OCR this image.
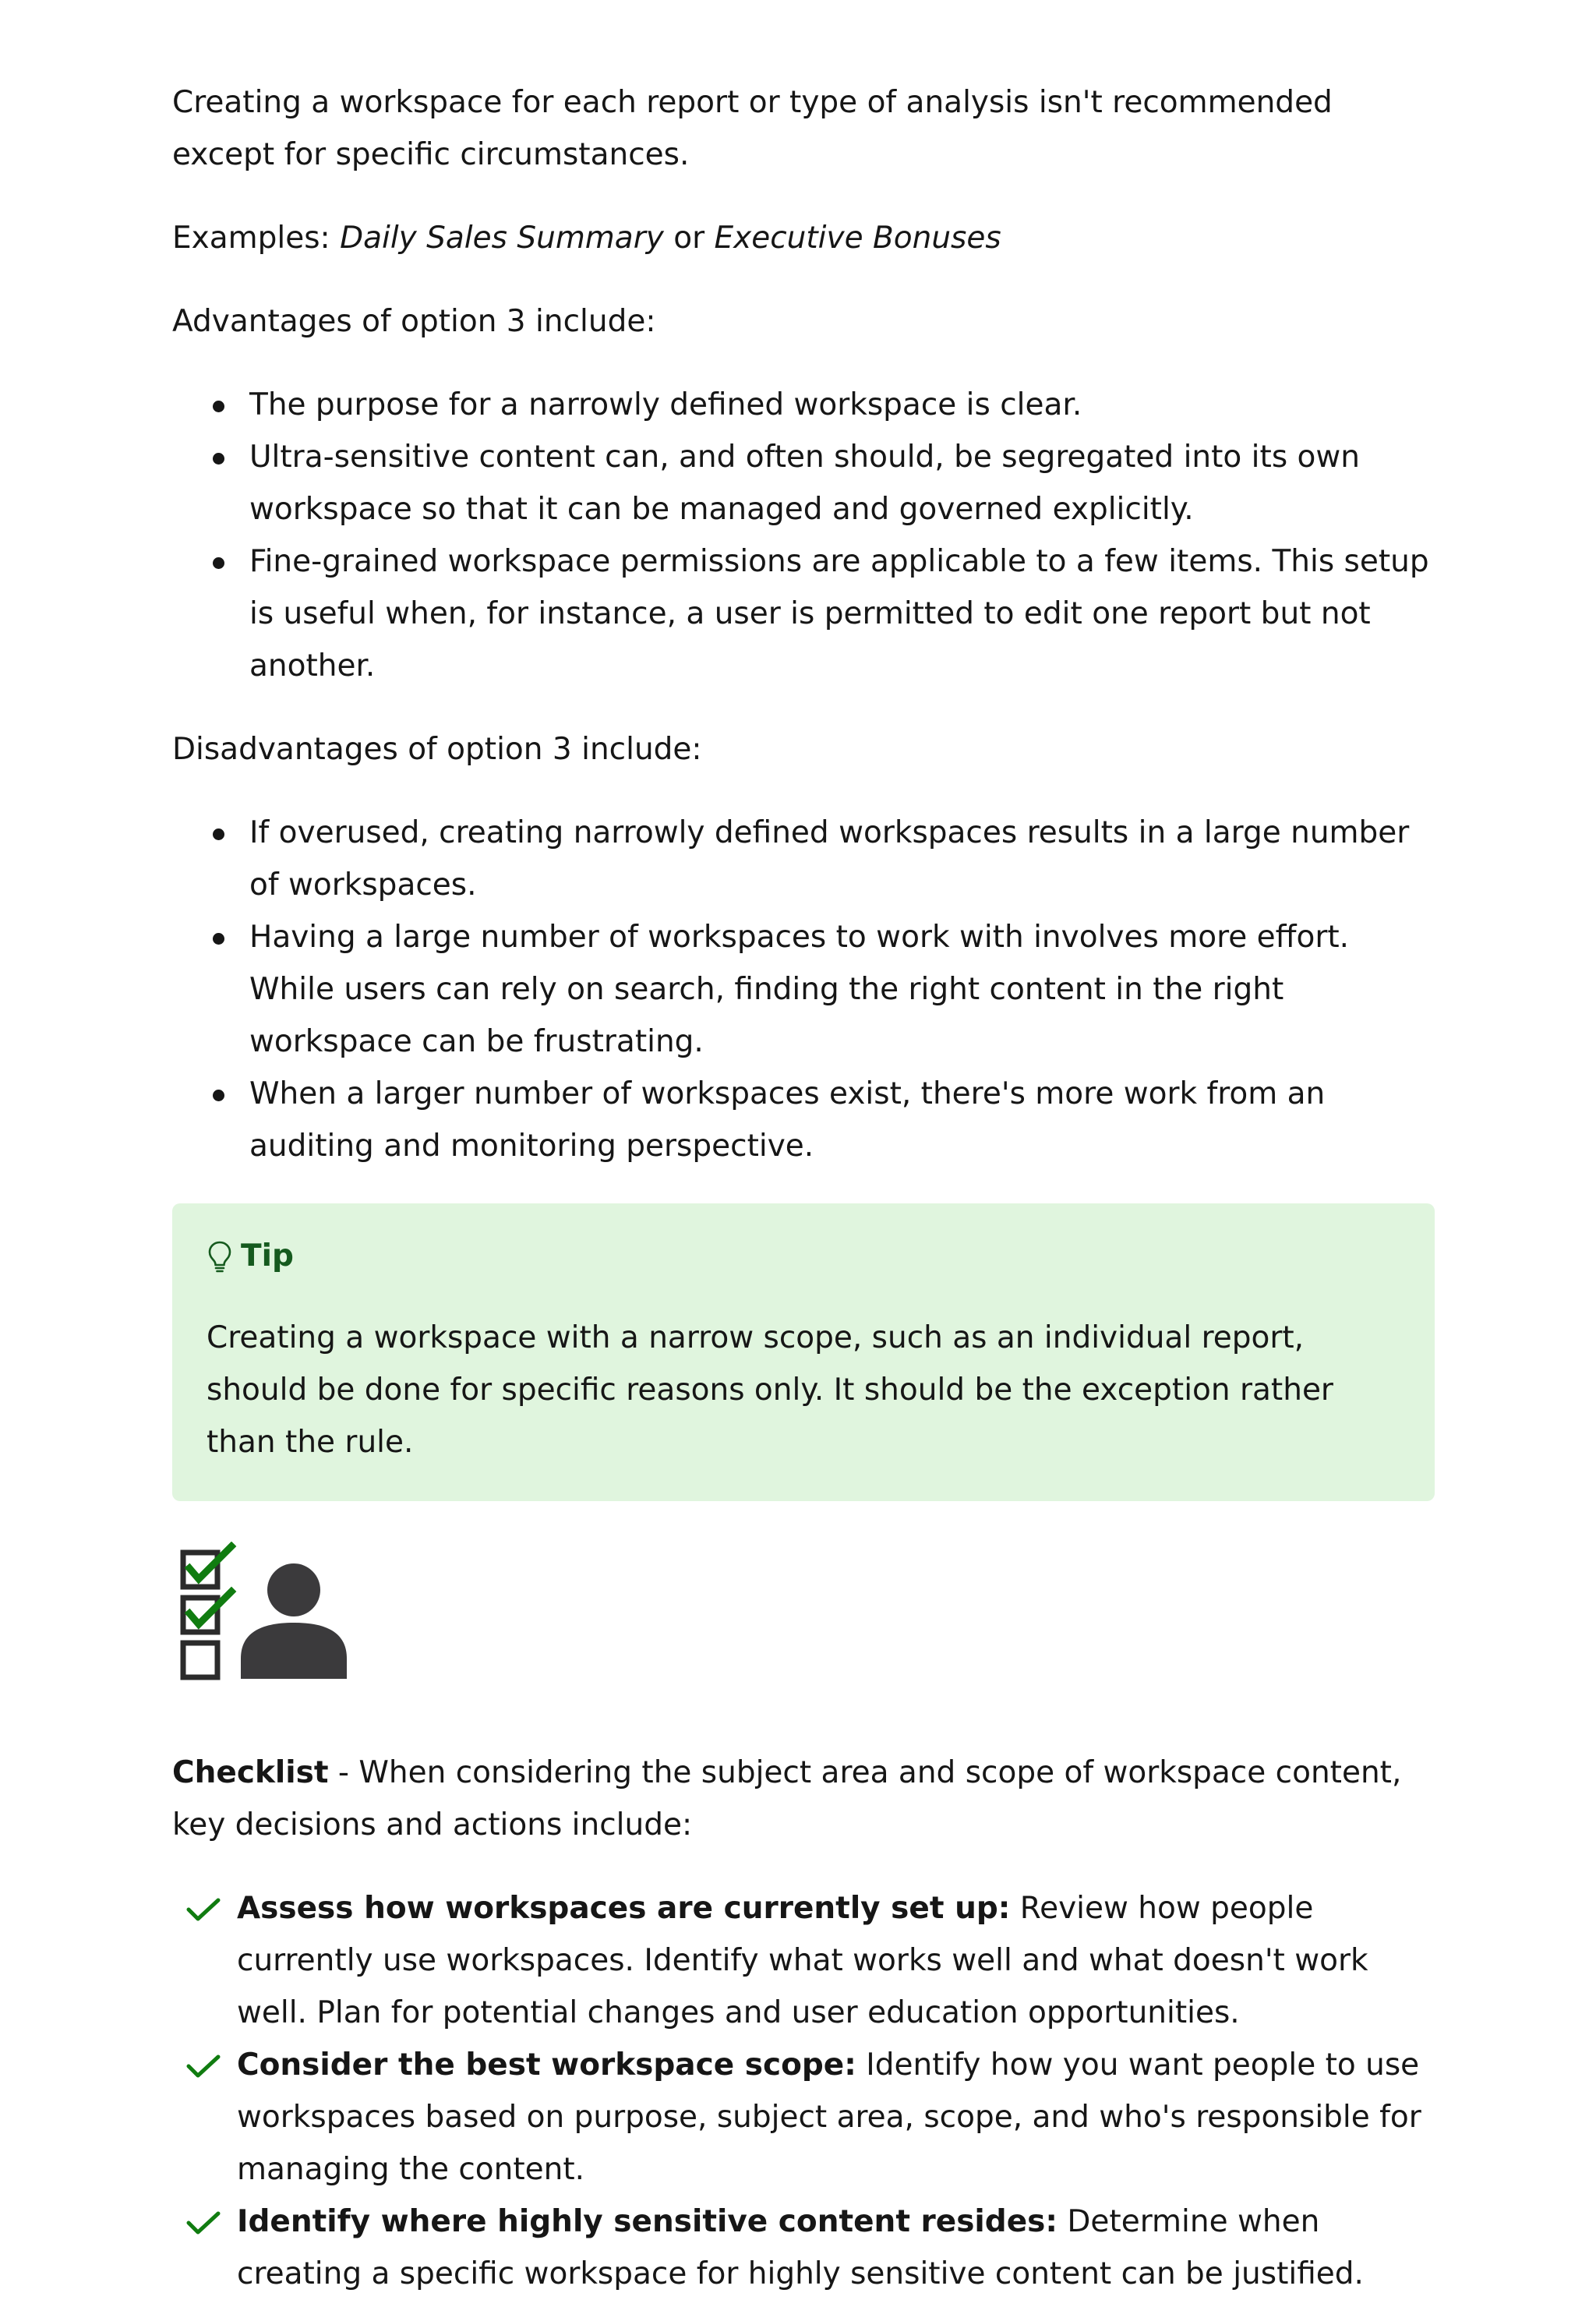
Creating a workspace for each report or type of analysis isn't recommended except for specific circumstances.

Examples: Daily Sales Summary or Executive Bonuses

Advantages of option 3 include:

The purpose for a narrowly defined workspace is clear.
Ultra-sensitive content can, and often should, be segregated into its own workspace so that it can be managed and governed explicitly.
Fine-grained workspace permissions are applicable to a few items. This setup is useful when, for instance, a user is permitted to edit one report but not another.

Disadvantages of option 3 include:

If overused, creating narrowly defined workspaces results in a large number of workspaces.
Having a large number of workspaces to work with involves more effort. While users can rely on search, finding the right content in the right workspace can be frustrating.
When a larger number of workspaces exist, there's more work from an auditing and monitoring perspective.
Tip

Creating a workspace with a narrow scope, such as an individual report, should be done for specific reasons only. It should be the exception rather than the rule.

Checklist - When considering the subject area and scope of workspace content, key decisions and actions include:

Assess how workspaces are currently set up: Review how people currently use workspaces. Identify what works well and what doesn't work well. Plan for potential changes and user education opportunities.
Consider the best workspace scope: Identify how you want people to use workspaces based on purpose, subject area, scope, and who's responsible for managing the content.
Identify where highly sensitive content resides: Determine when creating a specific workspace for highly sensitive content can be justified.
